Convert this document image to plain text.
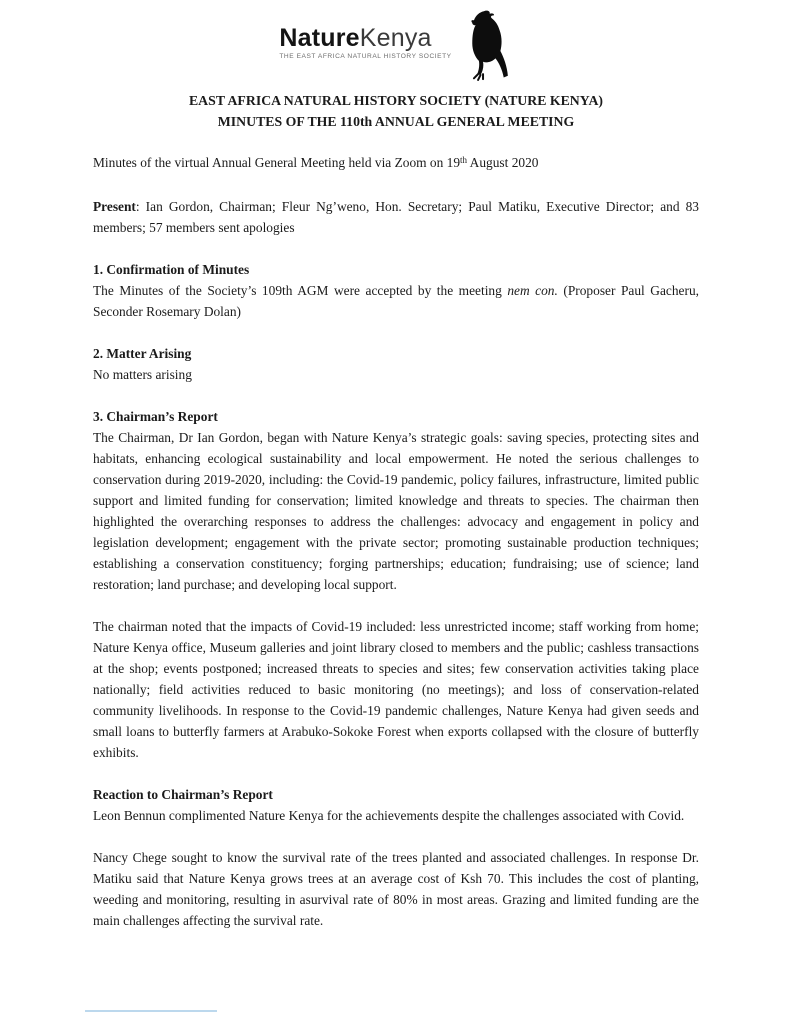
NatureKenya
THE EAST AFRICA NATURAL HISTORY SOCIETY

EAST AFRICA NATURAL HISTORY SOCIETY (NATURE KENYA)

MINUTES OF THE 110th ANNUAL GENERAL MEETING

Minutes of the virtual Annual General Meeting held via Zoom on 19th August 2020

Present: Ian Gordon, Chairman; Fleur Ng’weno, Hon. Secretary; Paul Matiku, Executive Director; and 83 members; 57 members sent apologies

1. Confirmation of Minutes
The Minutes of the Society’s 109th AGM were accepted by the meeting nem con. (Proposer Paul Gacheru, Seconder Rosemary Dolan)
2. Matter Arising
No matters arising
3. Chairman’s Report
The Chairman, Dr Ian Gordon, began with Nature Kenya’s strategic goals: saving species, protecting sites and habitats, enhancing ecological sustainability and local empowerment. He noted the serious challenges to conservation during 2019-2020, including: the Covid-19 pandemic, policy failures, infrastructure, limited public support and limited funding for conservation; limited knowledge and threats to species. The chairman then highlighted the overarching responses to address the challenges: advocacy and engagement in policy and legislation development; engagement with the private sector; promoting sustainable production techniques; establishing a conservation constituency; forging partnerships; education; fundraising; use of science; land restoration; land purchase; and developing local support.
The chairman noted that the impacts of Covid-19 included: less unrestricted income; staff working from home; Nature Kenya office, Museum galleries and joint library closed to members and the public; cashless transactions at the shop; events postponed; increased threats to species and sites; few conservation activities taking place nationally; field activities reduced to basic monitoring (no meetings); and loss of conservation-related community livelihoods. In response to the Covid-19 pandemic challenges, Nature Kenya had given seeds and small loans to butterfly farmers at Arabuko-Sokoke Forest when exports collapsed with the closure of butterfly exhibits.
Reaction to Chairman’s Report
Leon Bennun complimented Nature Kenya for the achievements despite the challenges associated with Covid.
Nancy Chege sought to know the survival rate of the trees planted and associated challenges. In response Dr. Matiku said that Nature Kenya grows trees at an average cost of Ksh 70. This includes the cost of planting, weeding and monitoring, resulting in asurvival rate of 80% in most areas. Grazing and limited funding are the main challenges affecting the survival rate.
